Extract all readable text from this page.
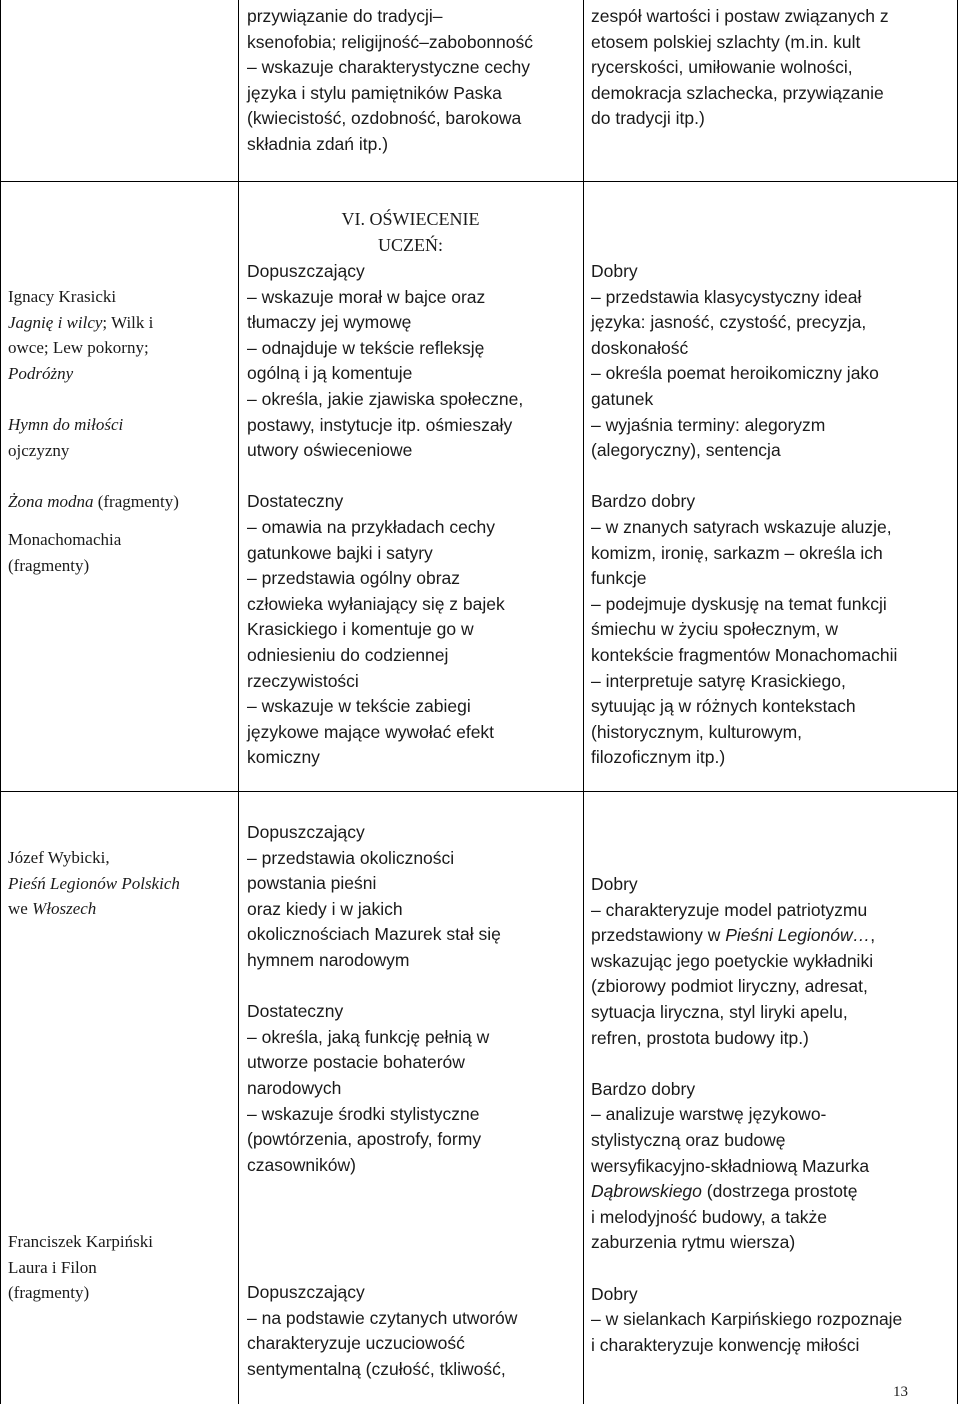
przywiązanie do tradycji–

ksenofobia; religijność–zabobonność

– wskazuje charakterystyczne cechy

języka i stylu pamiętników Paska

(kwiecistość, ozdobność, barokowa

składnia zdań itp.)

zespół wartości i postaw związanych z

etosem polskiej szlachty (m.in. kult

rycerskości, umiłowanie wolności,

demokracja szlachecka, przywiązanie

do tradycji itp.)

VI. OŚWIECENIE

UCZEŃ:

Ignacy Krasicki

Jagnię i wilcy; Wilk i

owce; Lew pokorny;

Podróżny

Hymn do miłości

ojczyzny

Żona modna (fragmenty)

Monachomachia

(fragmenty)

Dopuszczający

– wskazuje morał w bajce oraz

tłumaczy jej wymowę

– odnajduje w tekście refleksję

ogólną i ją komentuje

– określa, jakie zjawiska społeczne,

postawy, instytucje itp. ośmieszały

utwory oświeceniowe

Dostateczny

– omawia na przykładach cechy

gatunkowe bajki i satyry

– przedstawia ogólny obraz

człowieka wyłaniający się z bajek

Krasickiego i komentuje go w

odniesieniu do codziennej

rzeczywistości

– wskazuje w tekście zabiegi

językowe mające wywołać efekt

komiczny

Dobry

– przedstawia klasycystyczny ideał

języka: jasność, czystość, precyzja,

doskonałość

– określa poemat heroikomiczny jako

gatunek

– wyjaśnia terminy: alegoryzm

(alegoryczny), sentencja

Bardzo dobry

– w znanych satyrach wskazuje aluzje,

komizm, ironię, sarkazm – określa ich

funkcje

– podejmuje dyskusję na temat funkcji

śmiechu w życiu społecznym, w

kontekście fragmentów Monachomachii

– interpretuje satyrę Krasickiego,

sytuując ją w różnych kontekstach

(historycznym, kulturowym,

filozoficznym itp.)

Józef Wybicki,

Pieśń Legionów Polskich

we Włoszech

Franciszek Karpiński

Laura i Filon

(fragmenty)

Dopuszczający

– przedstawia okoliczności

powstania pieśni

oraz kiedy i w jakich

okolicznościach Mazurek stał się

hymnem narodowym

Dostateczny

– określa, jaką funkcję pełnią w

utworze postacie bohaterów

narodowych

– wskazuje środki stylistyczne

(powtórzenia, apostrofy, formy

czasowników)

Dopuszczający

– na podstawie czytanych utworów

charakteryzuje uczuciowość

sentymentalną (czułość, tkliwość,

Dobry

– charakteryzuje model patriotyzmu

przedstawiony w Pieśni Legionów…,

wskazując jego poetyckie wykładniki

(zbiorowy podmiot liryczny, adresat,

sytuacja liryczna, styl liryki apelu,

refren, prostota budowy itp.)

Bardzo dobry

– analizuje warstwę językowo-

stylistyczną oraz budowę

wersyfikacyjno-składniową Mazurka

Dąbrowskiego (dostrzega prostotę

i melodyjność budowy, a także

zaburzenia rytmu wiersza)

Dobry

– w sielankach Karpińskiego rozpozna​je

i charakteryzuje konwencję miłości

13
